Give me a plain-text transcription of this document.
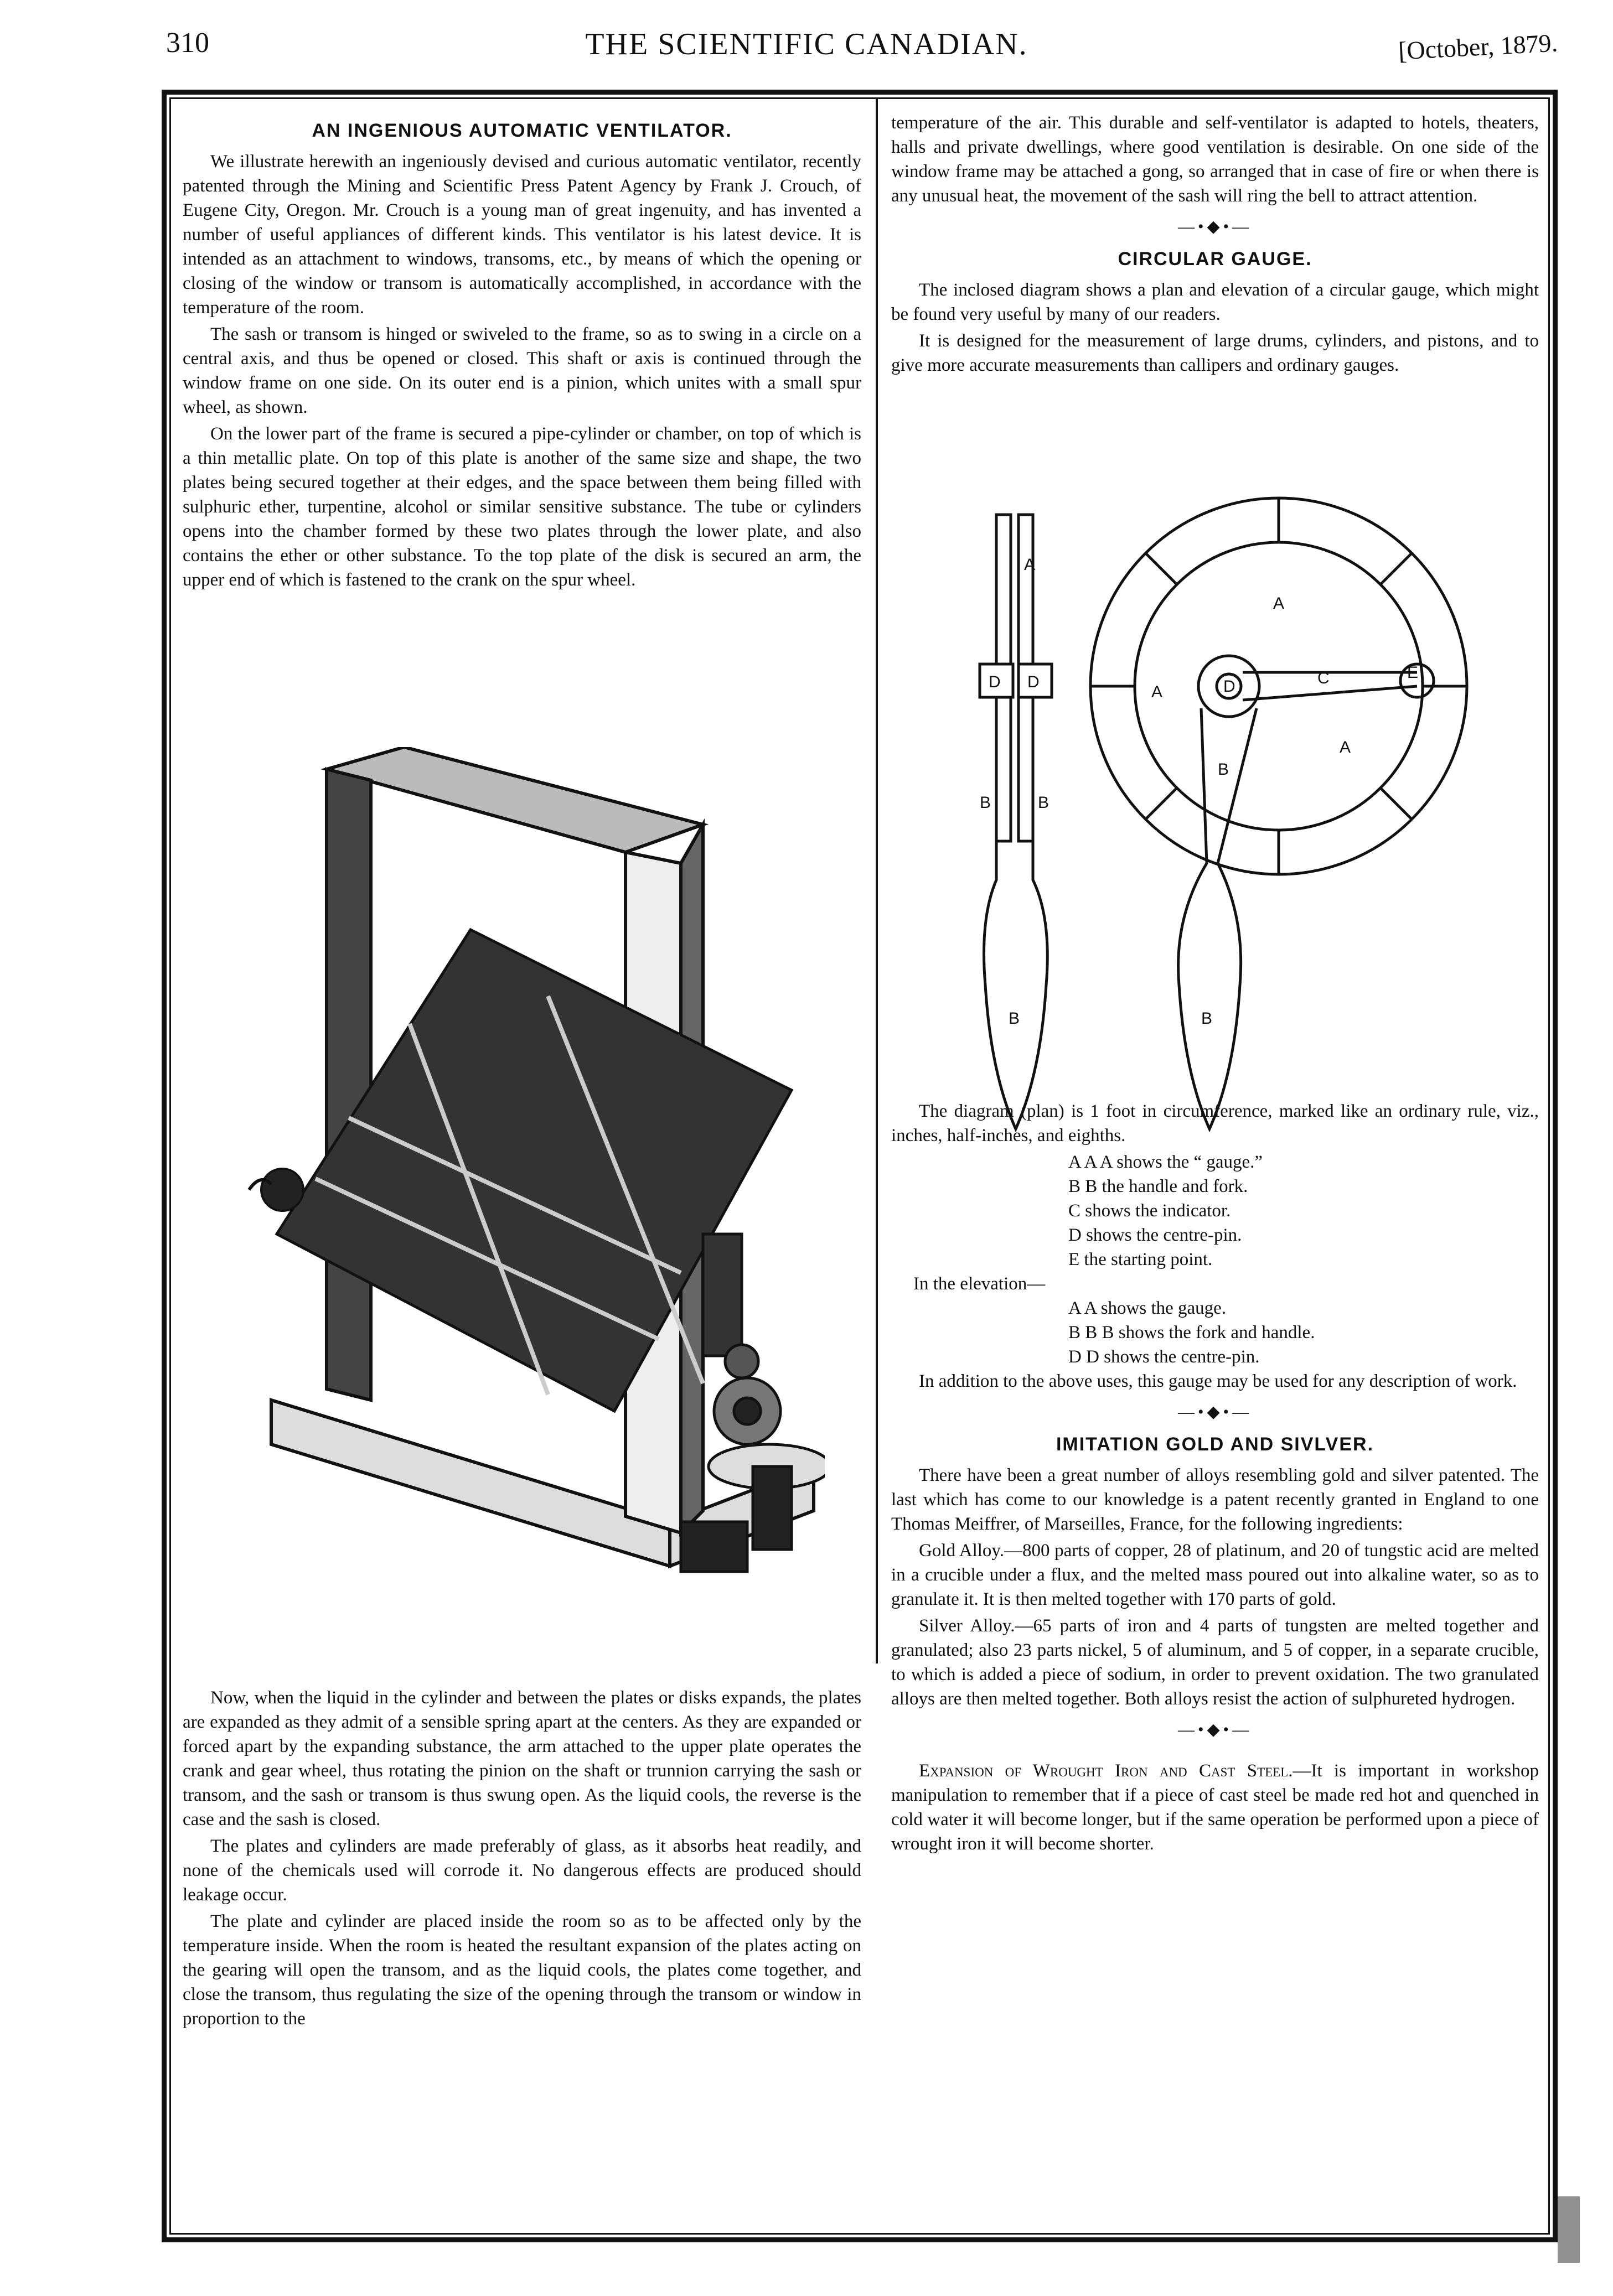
310	THE SCIENTIFIC CANADIAN.	[October, 1879.
AN INGENIOUS AUTOMATIC VENTILATOR.

We illustrate herewith an ingeniously devised and curious automatic ventilator, recently patented through the Mining and Scientific Press Patent Agency by Frank J. Crouch, of Eugene City, Oregon. Mr. Crouch is a young man of great ingenuity, and has invented a number of useful appliances of different kinds. This ventilator is his latest device. It is intended as an attachment to windows, transoms, etc., by means of which the opening or closing of the window or transom is automatically accomplished, in accordance with the temperature of the room.

The sash or transom is hinged or swiveled to the frame, so as to swing in a circle on a central axis, and thus be opened or closed. This shaft or axis is continued through the window frame on one side. On its outer end is a pinion, which unites with a small spur wheel, as shown.

On the lower part of the frame is secured a pipe-cylinder or chamber, on top of which is a thin metallic plate. On top of this plate is another of the same size and shape, the two plates being secured together at their edges, and the space between them being filled with sulphuric ether, turpentine, alcohol or similar sensitive substance. The tube or cylinders opens into the chamber formed by these two plates through the lower plate, and also contains the ether or other substance. To the top plate of the disk is secured an arm, the upper end of which is fastened to the crank on the spur wheel.

Now, when the liquid in the cylinder and between the plates or disks expands, the plates are expanded as they admit of a sensible spring apart at the centers. As they are expanded or forced apart by the expanding substance, the arm attached to the upper plate operates the crank and gear wheel, thus rotating the pinion on the shaft or trunnion carrying the sash or transom, and the sash or transom is thus swung open. As the liquid cools, the reverse is the case and the sash is closed.

The plates and cylinders are made preferably of glass, as it absorbs heat readily, and none of the chemicals used will corrode it. No dangerous effects are produced should leakage occur.

The plate and cylinder are placed inside the room so as to be affected only by the temperature inside. When the room is heated the resultant expansion of the plates acting on the gearing will open the transom, and as the liquid cools, the plates come together, and close the transom, thus regulating the size of the opening through the transom or window in proportion to the

temperature of the air. This durable and self-ventilator is adapted to hotels, theaters, halls and private dwellings, where good ventilation is desirable. On one side of the window frame may be attached a gong, so arranged that in case of fire or when there is any unusual heat, the movement of the sash will ring the bell to attract attention.
—•◆•—
CIRCULAR GAUGE.

The inclosed diagram shows a plan and elevation of a circular gauge, which might be found very useful by many of our readers.

It is designed for the measurement of large drums, cylinders, and pistons, and to give more accurate measurements than callipers and ordinary gauges.

The diagram (plan) is 1 foot in circumference, marked like an ordinary rule, viz., inches, half-inches, and eighths.

A A A shows the “ gauge.”
B B the handle and fork.
C shows the indicator.
D shows the centre-pin.
E the starting point.
In the elevation—
A A shows the gauge.
B B B shows the fork and handle.
D D shows the centre-pin.

In addition to the above uses, this gauge may be used for any description of work.

—•◆•—
IMITATION GOLD AND SIVLVER.

There have been a great number of alloys resembling gold and silver patented. The last which has come to our knowledge is a patent recently granted in England to one Thomas Meiffrer, of Marseilles, France, for the following ingredients:

Gold Alloy.—800 parts of copper, 28 of platinum, and 20 of tungstic acid are melted in a crucible under a flux, and the melted mass poured out into alkaline water, so as to granulate it. It is then melted together with 170 parts of gold.

Silver Alloy.—65 parts of iron and 4 parts of tungsten are melted together and granulated; also 23 parts nickel, 5 of aluminum, and 5 of copper, in a separate crucible, to which is added a piece of sodium, in order to prevent oxidation. The two granulated alloys are then melted together. Both alloys resist the action of sulphureted hydrogen.

—•◆•—

Expansion of Wrought Iron and Cast Steel.—It is important in workshop manipulation to remember that if a piece of cast steel be made red hot and quenched in cold water it will become longer, but if the same operation be performed upon a piece of wrought iron it will become shorter.

A
D D
B	B
B
A
A
A
D	C	E
B
B
